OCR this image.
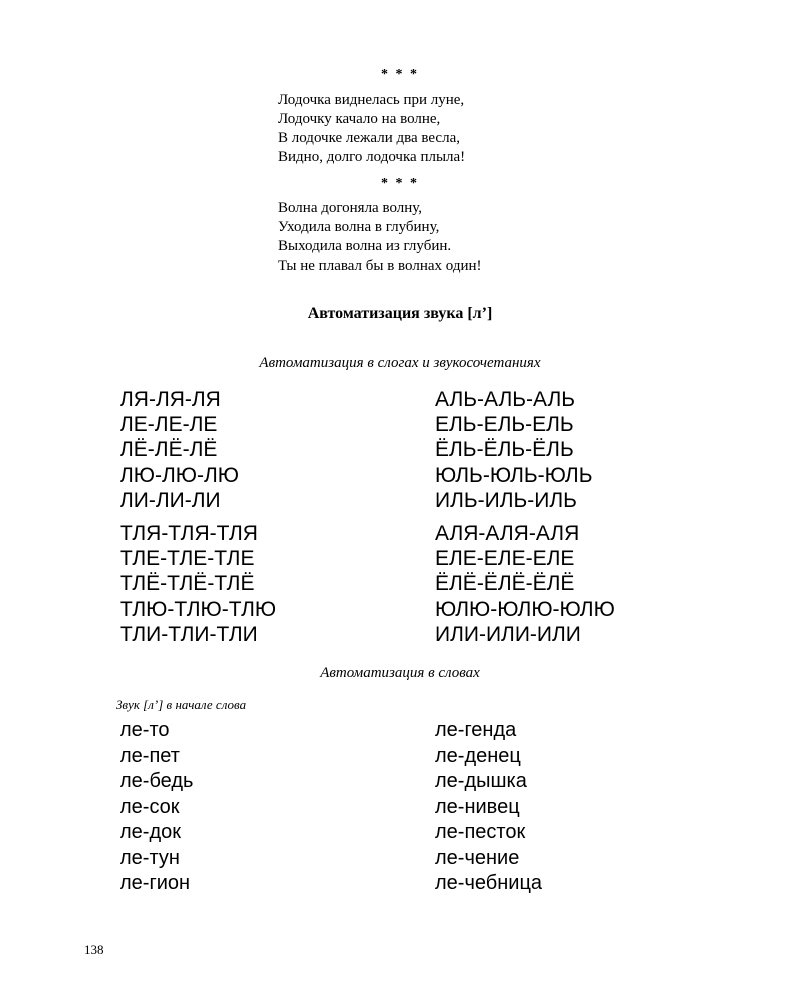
* * *
Лодочка виднелась при луне,
Лодочку качало на волне,
В лодочке лежали два весла,
Видно, долго лодочка плыла!
* * *
Волна догоняла волну,
Уходила волна в глубину,
Выходила волна из глубин.
Ты не плавал бы в волнах один!
Автоматизация звука [л’]
Автоматизация в слогах и звукосочетаниях
ЛЯ-ЛЯ-ЛЯ
ЛЕ-ЛЕ-ЛЕ
ЛЁ-ЛЁ-ЛЁ
ЛЮ-ЛЮ-ЛЮ
ЛИ-ЛИ-ЛИ
АЛЬ-АЛЬ-АЛЬ
ЕЛЬ-ЕЛЬ-ЕЛЬ
ЁЛЬ-ЁЛЬ-ЁЛЬ
ЮЛЬ-ЮЛЬ-ЮЛЬ
ИЛЬ-ИЛЬ-ИЛЬ
ТЛЯ-ТЛЯ-ТЛЯ
ТЛЕ-ТЛЕ-ТЛЕ
ТЛЁ-ТЛЁ-ТЛЁ
ТЛЮ-ТЛЮ-ТЛЮ
ТЛИ-ТЛИ-ТЛИ
АЛЯ-АЛЯ-АЛЯ
ЕЛЕ-ЕЛЕ-ЕЛЕ
ЁЛЁ-ЁЛЁ-ЁЛЁ
ЮЛЮ-ЮЛЮ-ЮЛЮ
ИЛИ-ИЛИ-ИЛИ
Автоматизация в словах
Звук [л’] в начале слова
ле-то
ле-пет
ле-бедь
ле-сок
ле-док
ле-тун
ле-гион
ле-генда
ле-денец
ле-дышка
ле-нивец
ле-песток
ле-чение
ле-чебница
138
